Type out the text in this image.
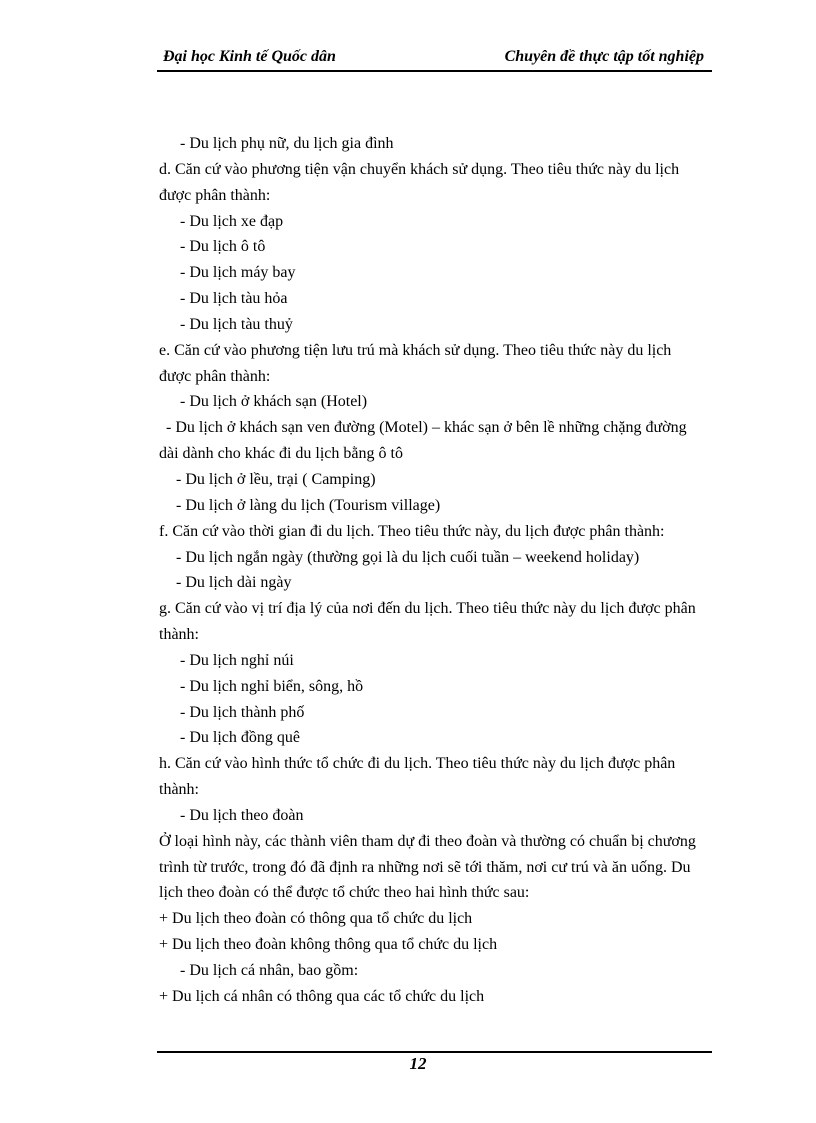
Đại học Kinh tế Quốc dân	Chuyên đề thực tập tốt nghiệp
- Du lịch phụ nữ, du lịch gia đình
d. Căn cứ vào phương tiện vận chuyển khách sử dụng. Theo tiêu thức này du lịch
được phân thành:
- Du lịch xe đạp
- Du lịch ô tô
- Du lịch máy bay
- Du lịch tàu hỏa
- Du lịch tàu thuỷ
e. Căn cứ vào phương tiện lưu trú mà khách sử dụng. Theo tiêu thức này du lịch
được phân thành:
- Du lịch ở khách sạn (Hotel)
- Du lịch ở khách sạn ven đường (Motel) – khác sạn ở bên lề những chặng đường
dài dành cho khác đi du lịch bằng ô tô
- Du lịch ở lều, trại ( Camping)
- Du lịch ở làng du lịch (Tourism village)
f. Căn cứ vào thời gian đi du lịch. Theo tiêu thức này, du lịch được phân thành:
- Du lịch ngắn ngày (thường gọi là du lịch cuối tuần – weekend holiday)
- Du lịch dài ngày
g. Căn cứ vào vị trí địa lý của nơi đến du lịch. Theo tiêu thức này du lịch được phân
thành:
- Du lịch nghỉ núi
- Du lịch nghỉ biển, sông, hồ
- Du lịch thành phố
- Du lịch đồng quê
h. Căn cứ vào hình thức tổ chức đi du lịch. Theo tiêu thức này du lịch được phân
thành:
- Du lịch theo đoàn
Ở loại hình này, các thành viên tham dự đi theo đoàn và thường có chuẩn bị chương
trình từ trước, trong đó đã định ra những nơi sẽ tới thăm, nơi cư trú và ăn uống. Du
lịch theo đoàn có thể được tổ chức theo hai hình thức sau:
+ Du lịch theo đoàn có thông qua tổ chức du lịch
+ Du lịch theo đoàn không thông qua tổ chức du lịch
- Du lịch cá nhân, bao gồm:
+ Du lịch cá nhân có thông qua các tổ chức du lịch
12
